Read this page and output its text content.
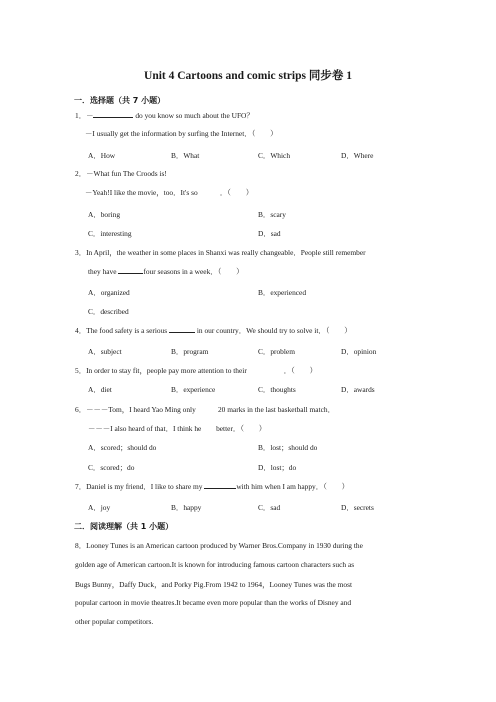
Unit 4 Cartoons and comic strips 同步卷 1
一．选择题（共 7 小题）
1．－	do you know so much about the UFO？
－I usually get the information by surfing the Internet．（　　）
A．How	B．What	C．Which	D．Where
2．－What fun The Croods is!
－Yeah!I like the movie，too．It's so　　　．（　　）
A．boring	B．scary
C．interesting	D．sad
3．In April，the weather in some places in Shanxi was really changeable．People still remember
they have	four seasons in a week．（　　）
A．organized	B．experienced
C．described
4．The food safety is a serious	in our country．We should try to solve it．（　　）
A．subject	B．program	C．problem	D．opinion
5．In order to stay fit，people pay more attention to their　　　　　．（　　）
A．diet	B．experience	C．thoughts	D．awards
6．－－－Tom，I heard Yao Ming only　　　20 marks in the last basketball match．
－－－I also heard of that．I think he　　better．（　　）
A．scored；should do	B．lost；should do
C．scored；do	D．lost；do
7．Daniel is my friend．I like to share my	with him when I am happy．（　　）
A．joy	B．happy	C．sad	D．secrets
二．阅读理解（共 1 小题）
8．Looney Tunes is an American cartoon produced by Warner Bros.Company in 1930 during the
golden age of American cartoon.It is known for introducing famous cartoon characters such as
Bugs Bunny，Daffy Duck，and Porky Pig.From 1942 to 1964，Looney Tunes was the most
popular cartoon in movie theatres.It became even more popular than the works of Disney and
other popular competitors.
